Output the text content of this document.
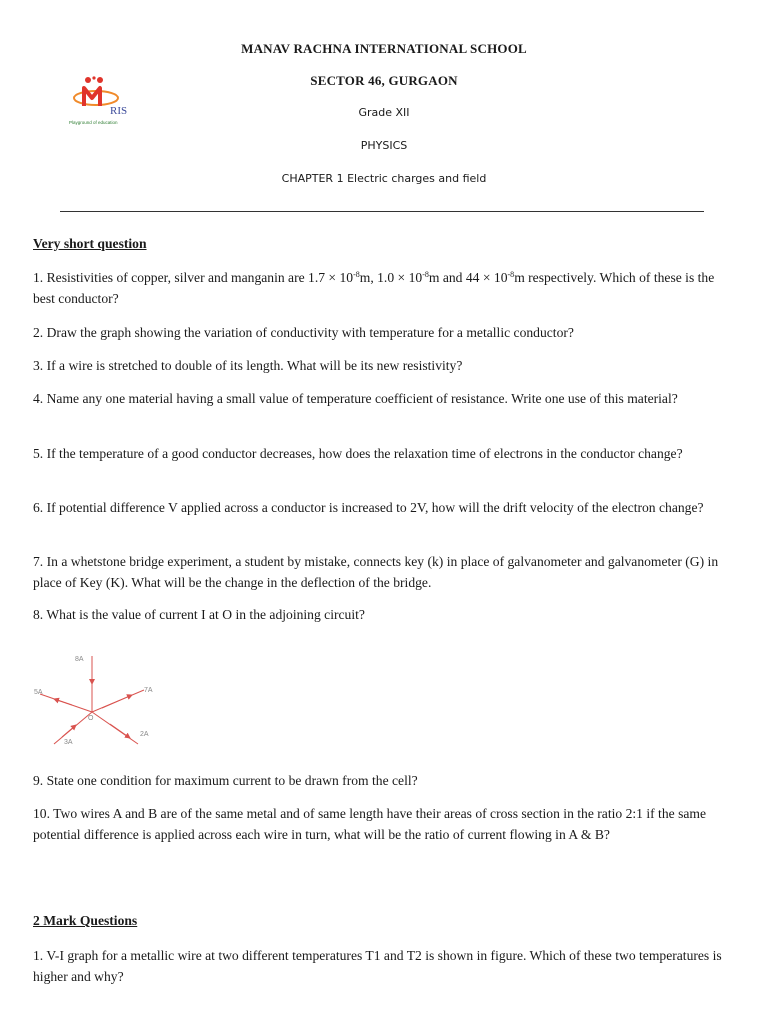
RIS
Playground of education
MANAV RACHNA INTERNATIONAL SCHOOL
SECTOR 46, GURGAON
Grade XII
PHYSICS
CHAPTER 1 Electric charges and field
Very short question
1. Resistivities of copper, silver and manganin are $1.7 \times 10^{-8}m$, $1.0 \times 10^{-8}m$ and $44 \times 10^{-8}m$ respectively. Which of these is the best conductor?
2. Draw the graph showing the variation of conductivity with temperature for a metallic conductor?
3. If a wire is stretched to double of its length. What will be its new resistivity?
4. Name any one material having a small value of temperature coefficient of resistance. Write one use of this material?
5. If the temperature of a good conductor decreases, how does the relaxation time of electrons in the conductor change?
6. If potential difference V applied across a conductor is increased to 2V, how will the drift velocity of the electron change?
7. In a whetstone bridge experiment, a student by mistake, connects key (k) in place of galvanometer and galvanometer (G) in place of Key (K). What will be the change in the deflection of the bridge.
8. What is the value of current I at O in the adjoining circuit?
8A
5A	7A
O
3A
2A
9. State one condition for maximum current to be drawn from the cell?
10. Two wires A and B are of the same metal and of same length have their areas of cross section in the ratio 2:1 if the same potential difference is applied across each wire in turn, what will be the ratio of current flowing in A & B?
2 Mark Questions
1. V-I graph for a metallic wire at two different temperatures T1 and T2 is shown in figure. Which of these two temperatures is higher and why?
